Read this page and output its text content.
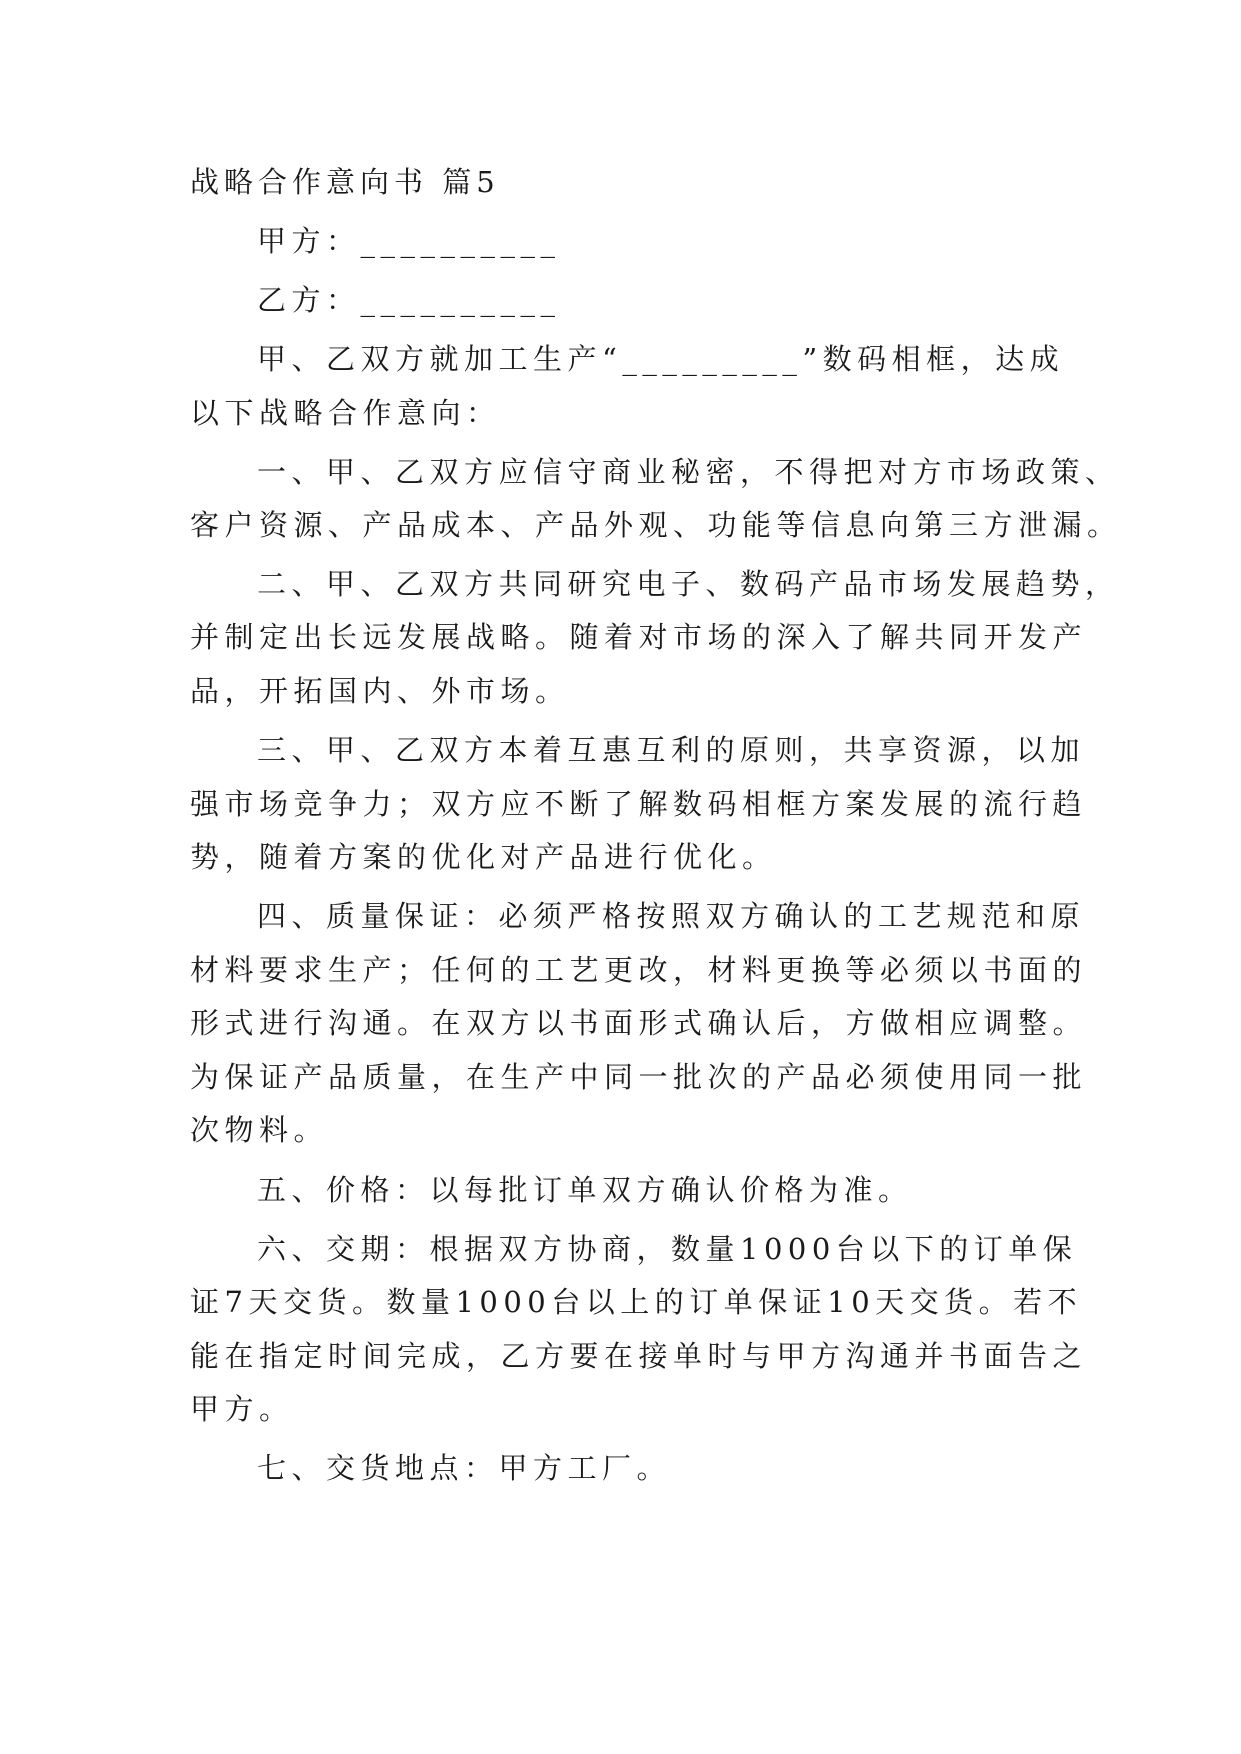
战略合作意向书 篇5
甲方：__________
乙方：__________
甲、乙双方就加工生产“_________”数码相框，达成
以下战略合作意向：
一、甲、乙双方应信守商业秘密，不得把对方市场政策、
客户资源、产品成本、产品外观、功能等信息向第三方泄漏。
二、甲、乙双方共同研究电子、数码产品市场发展趋势，
并制定出长远发展战略。随着对市场的深入了解共同开发产
品，开拓国内、外市场。
三、甲、乙双方本着互惠互利的原则，共享资源，以加
强市场竞争力；双方应不断了解数码相框方案发展的流行趋
势，随着方案的优化对产品进行优化。
四、质量保证：必须严格按照双方确认的工艺规范和原
材料要求生产；任何的工艺更改，材料更换等必须以书面的
形式进行沟通。在双方以书面形式确认后，方做相应调整。
为保证产品质量，在生产中同一批次的产品必须使用同一批
次物料。
五、价格：以每批订单双方确认价格为准。
六、交期：根据双方协商，数量1000台以下的订单保
证7天交货。数量1000台以上的订单保证10天交货。若不
能在指定时间完成，乙方要在接单时与甲方沟通并书面告之
甲方。
七、交货地点：甲方工厂。
